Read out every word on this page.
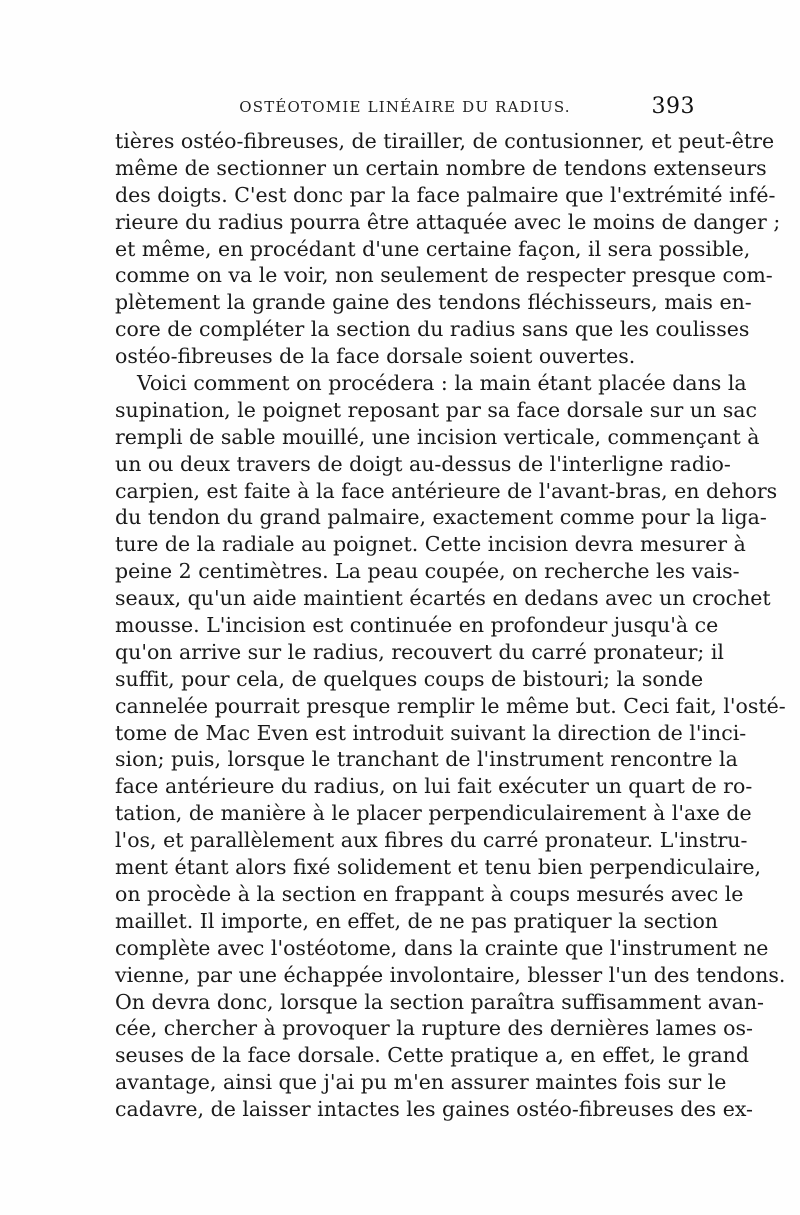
OSTÉOTOMIE LINÉAIRE DU RADIUS.	393
tières ostéo-fibreuses, de tirailler, de contusionner, et peut-être
même de sectionner un certain nombre de tendons extenseurs
des doigts. C'est donc par la face palmaire que l'extrémité infé-
rieure du radius pourra être attaquée avec le moins de danger ;
et même, en procédant d'une certaine façon, il sera possible,
comme on va le voir, non seulement de respecter presque com-
plètement la grande gaine des tendons fléchisseurs, mais en-
core de compléter la section du radius sans que les coulisses
ostéo-fibreuses de la face dorsale soient ouvertes.
Voici comment on procédera : la main étant placée dans la
supination, le poignet reposant par sa face dorsale sur un sac
rempli de sable mouillé, une incision verticale, commençant à
un ou deux travers de doigt au-dessus de l'interligne radio-
carpien, est faite à la face antérieure de l'avant-bras, en dehors
du tendon du grand palmaire, exactement comme pour la liga-
ture de la radiale au poignet. Cette incision devra mesurer à
peine 2 centimètres. La peau coupée, on recherche les vais-
seaux, qu'un aide maintient écartés en dedans avec un crochet
mousse. L'incision est continuée en profondeur jusqu'à ce
qu'on arrive sur le radius, recouvert du carré pronateur; il
suffit, pour cela, de quelques coups de bistouri; la sonde
cannelée pourrait presque remplir le même but. Ceci fait, l'osté-
tome de Mac Even est introduit suivant la direction de l'inci-
sion; puis, lorsque le tranchant de l'instrument rencontre la
face antérieure du radius, on lui fait exécuter un quart de ro-
tation, de manière à le placer perpendiculairement à l'axe de
l'os, et parallèlement aux fibres du carré pronateur. L'instru-
ment étant alors fixé solidement et tenu bien perpendiculaire,
on procède à la section en frappant à coups mesurés avec le
maillet. Il importe, en effet, de ne pas pratiquer la section
complète avec l'ostéotome, dans la crainte que l'instrument ne
vienne, par une échappée involontaire, blesser l'un des tendons.
On devra donc, lorsque la section paraîtra suffisamment avan-
cée, chercher à provoquer la rupture des dernières lames os-
seuses de la face dorsale. Cette pratique a, en effet, le grand
avantage, ainsi que j'ai pu m'en assurer maintes fois sur le
cadavre, de laisser intactes les gaines ostéo-fibreuses des ex-
